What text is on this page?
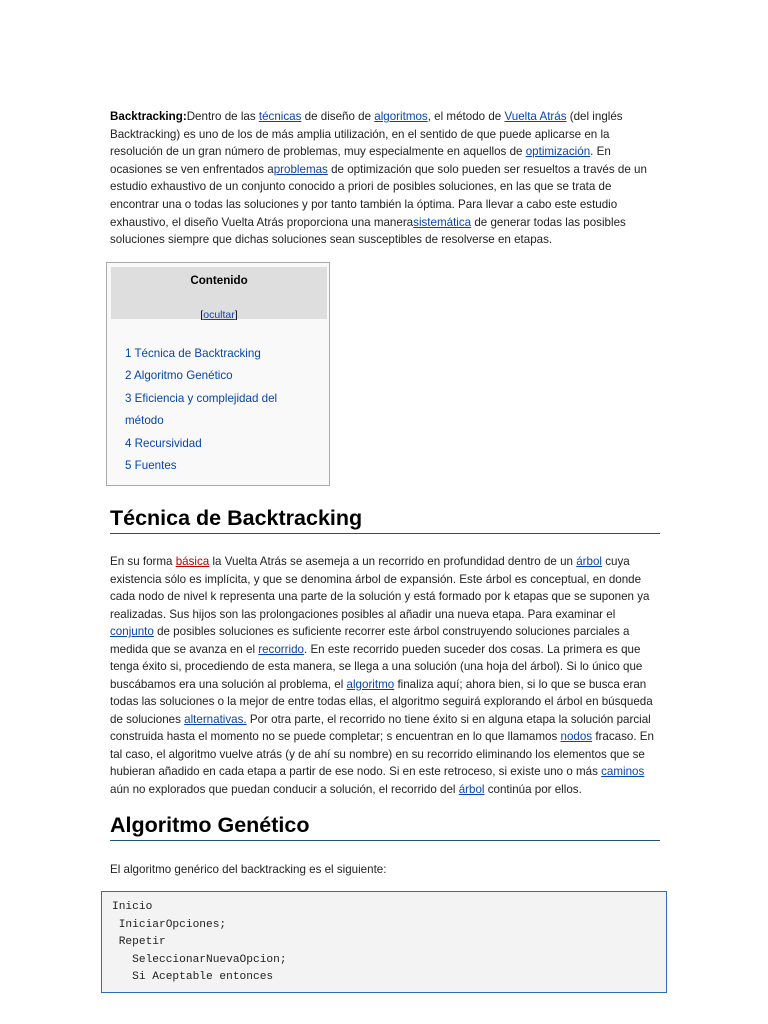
Backtracking:Dentro de las técnicas de diseño de algoritmos, el método de Vuelta Atrás (del inglés Backtracking) es uno de los de más amplia utilización, en el sentido de que puede aplicarse en la resolución de un gran número de problemas, muy especialmente en aquellos de optimización. En ocasiones se ven enfrentados aproblemas de optimización que solo pueden ser resueltos a través de un estudio exhaustivo de un conjunto conocido a priori de posibles soluciones, en las que se trata de encontrar una o todas las soluciones y por tanto también la óptima. Para llevar a cabo este estudio exhaustivo, el diseño Vuelta Atrás proporciona una manerasistemática de generar todas las posibles soluciones siempre que dichas soluciones sean susceptibles de resolverse en etapas.
Contenido
[ocultar]
1 Técnica de Backtracking
2 Algoritmo Genético
3 Eficiencia y complejidad del método
4 Recursividad
5 Fuentes
Técnica de Backtracking
En su forma básica la Vuelta Atrás se asemeja a un recorrido en profundidad dentro de un árbol cuya existencia sólo es implícita, y que se denomina árbol de expansión. Este árbol es conceptual, en donde cada nodo de nivel k representa una parte de la solución y está formado por k etapas que se suponen ya realizadas. Sus hijos son las prolongaciones posibles al añadir una nueva etapa. Para examinar el conjunto de posibles soluciones es suficiente recorrer este árbol construyendo soluciones parciales a medida que se avanza en el recorrido. En este recorrido pueden suceder dos cosas. La primera es que tenga éxito si, procediendo de esta manera, se llega a una solución (una hoja del árbol). Si lo único que buscábamos era una solución al problema, el algoritmo finaliza aquí; ahora bien, si lo que se busca eran todas las soluciones o la mejor de entre todas ellas, el algoritmo seguirá explorando el árbol en búsqueda de soluciones alternativas. Por otra parte, el recorrido no tiene éxito si en alguna etapa la solución parcial construida hasta el momento no se puede completar; s encuentran en lo que llamamos nodos fracaso. En tal caso, el algoritmo vuelve atrás (y de ahí su nombre) en su recorrido eliminando los elementos que se hubieran añadido en cada etapa a partir de ese nodo. Si en este retroceso, si existe uno o más caminos aún no explorados que puedan conducir a solución, el recorrido del árbol continúa por ellos.
Algoritmo Genético
El algoritmo genérico del backtracking es el siguiente:
Inicio
IniciarOpciones;
Repetir
SeleccionarNuevaOpcion;
Si Aceptable entonces
